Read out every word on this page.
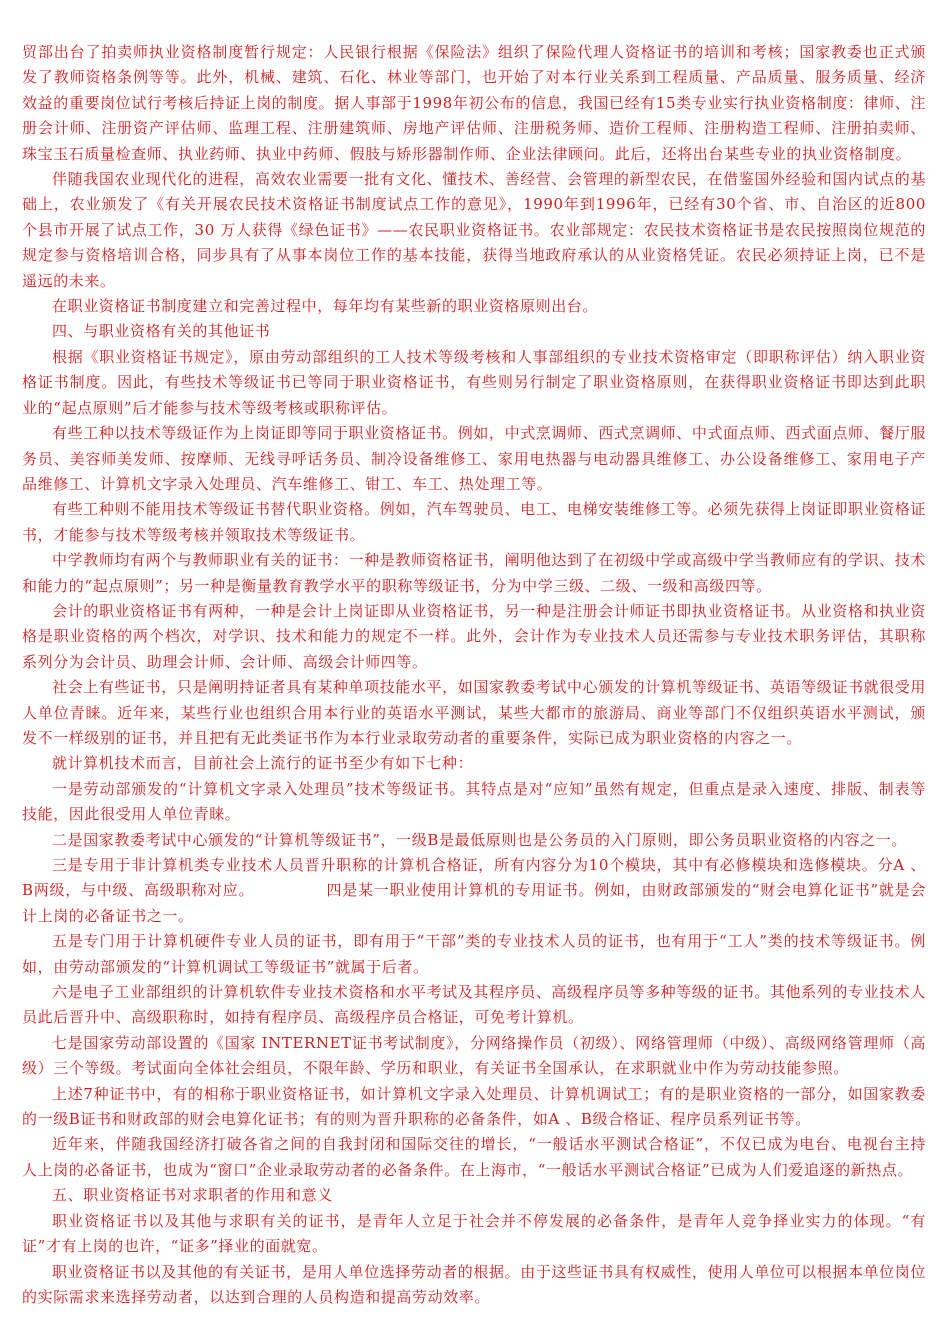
贸部出台了拍卖师执业资格制度暂行规定：人民银行根据《保险法》组织了保险代理人资格证书的培训和考核；国家教委也正式颁发了教师资格条例等等。此外，机械、建筑、石化、林业等部门，也开始了对本行业关系到工程质量、产品质量、服务质量、经济效益的重要岗位试行考核后持证上岗的制度。据人事部于1998年初公布的信息，我国已经有15类专业实行执业资格制度：律师、注册会计师、注册资产评估师、监理工程、注册建筑师、房地产评估师、注册税务师、造价工程师、注册构造工程师、注册拍卖师、珠宝玉石质量检查师、执业药师、执业中药师、假肢与矫形器制作师、企业法律顾问。此后，还将出台某些专业的执业资格制度。

伴随我国农业现代化的进程，高效农业需要一批有文化、懂技术、善经营、会管理的新型农民，在借鉴国外经验和国内试点的基础上，农业颁发了《有关开展农民技术资格证书制度试点工作的意见》，1990年到1996年，已经有30个省、市、自治区的近800个县市开展了试点工作，30 万人获得《绿色证书》——农民职业资格证书。农业部规定：农民技术资格证书是农民按照岗位规范的规定参与资格培训合格，同步具有了从事本岗位工作的基本技能，获得当地政府承认的从业资格凭证。农民必须持证上岗，已不是遥远的未来。

在职业资格证书制度建立和完善过程中，每年均有某些新的职业资格原则出台。

四、与职业资格有关的其他证书

根据《职业资格证书规定》，原由劳动部组织的工人技术等级考核和人事部组织的专业技术资格审定（即职称评估）纳入职业资格证书制度。因此，有些技术等级证书已等同于职业资格证书，有些则另行制定了职业资格原则，在获得职业资格证书即达到此职业的“起点原则”后才能参与技术等级考核或职称评估。

有些工种以技术等级证作为上岗证即等同于职业资格证书。例如，中式烹调师、西式烹调师、中式面点师、西式面点师、餐厅服务员、美容师美发师、按摩师、无线寻呼话务员、制冷设备维修工、家用电热器与电动器具维修工、办公设备维修工、家用电子产品维修工、计算机文字录入处理员、汽车维修工、钳工、车工、热处理工等。

有些工种则不能用技术等级证书替代职业资格。例如，汽车驾驶员、电工、电梯安装维修工等。必须先获得上岗证即职业资格证书，才能参与技术等级考核并领取技术等级证书。

中学教师均有两个与教师职业有关的证书：一种是教师资格证书，阐明他达到了在初级中学或高级中学当教师应有的学识、技术和能力的“起点原则”；另一种是衡量教育教学水平的职称等级证书，分为中学三级、二级、一级和高级四等。

会计的职业资格证书有两种，一种是会计上岗证即从业资格证书，另一种是注册会计师证书即执业资格证书。从业资格和执业资格是职业资格的两个档次，对学识、技术和能力的规定不一样。此外，会计作为专业技术人员还需参与专业技术职务评估，其职称系列分为会计员、助理会计师、会计师、高级会计师四等。

社会上有些证书，只是阐明持证者具有某种单项技能水平，如国家教委考试中心颁发的计算机等级证书、英语等级证书就很受用人单位青睐。近年来，某些行业也组织合用本行业的英语水平测试，某些大都市的旅游局、商业等部门不仅组织英语水平测试，颁发不一样级别的证书，并且把有无此类证书作为本行业录取劳动者的重要条件，实际已成为职业资格的内容之一。

就计算机技术而言，目前社会上流行的证书至少有如下七种：

一是劳动部颁发的“计算机文字录入处理员”技术等级证书。其特点是对“应知”虽然有规定，但重点是录入速度、排版、制表等技能，因此很受用人单位青睐。

二是国家教委考试中心颁发的“计算机等级证书”，一级B是最低原则也是公务员的入门原则，即公务员职业资格的内容之一。

三是专用于非计算机类专业技术人员晋升职称的计算机合格证，所有内容分为10个模块，其中有必修模块和选修模块。分A 、B两级，与中级、高级职称对应。	四是某一职业使用计算机的专用证书。例如，由财政部颁发的“财会电算化证书”就是会计上岗的必备证书之一。

五是专门用于计算机硬件专业人员的证书，即有用于“干部”类的专业技术人员的证书，也有用于“工人”类的技术等级证书。例如，由劳动部颁发的“计算机调试工等级证书”就属于后者。

六是电子工业部组织的计算机软件专业技术资格和水平考试及其程序员、高级程序员等多种等级的证书。其他系列的专业技术人员此后晋升中、高级职称时，如持有程序员、高级程序员合格证，可免考计算机。

七是国家劳动部设置的《国家 INTERNET证书考试制度》，分网络操作员（初级）、网络管理师（中级）、高级网络管理师（高级）三个等级。考试面向全体社会组员，不限年龄、学历和职业，有关证书全国承认，在求职就业中作为劳动技能参照。

上述7种证书中，有的相称于职业资格证书，如计算机文字录入处理员、计算机调试工；有的是职业资格的一部分，如国家教委的一级B证书和财政部的财会电算化证书；有的则为晋升职称的必备条件，如A 、B级合格证、程序员系列证书等。

近年来，伴随我国经济打破各省之间的自我封闭和国际交往的增长，“一般话水平测试合格证”，不仅已成为电台、电视台主持人上岗的必备证书，也成为“窗口”企业录取劳动者的必备条件。在上海市，“一般话水平测试合格证”已成为人们爱追逐的新热点。

五、职业资格证书对求职者的作用和意义

职业资格证书以及其他与求职有关的证书，是青年人立足于社会并不停发展的必备条件，是青年人竞争择业实力的体现。“有证”才有上岗的也许，“证多”择业的面就宽。

职业资格证书以及其他的有关证书，是用人单位选择劳动者的根据。由于这些证书具有权威性，使用人单位可以根据本单位岗位的实际需求来选择劳动者，以达到合理的人员构造和提高劳动效率。
